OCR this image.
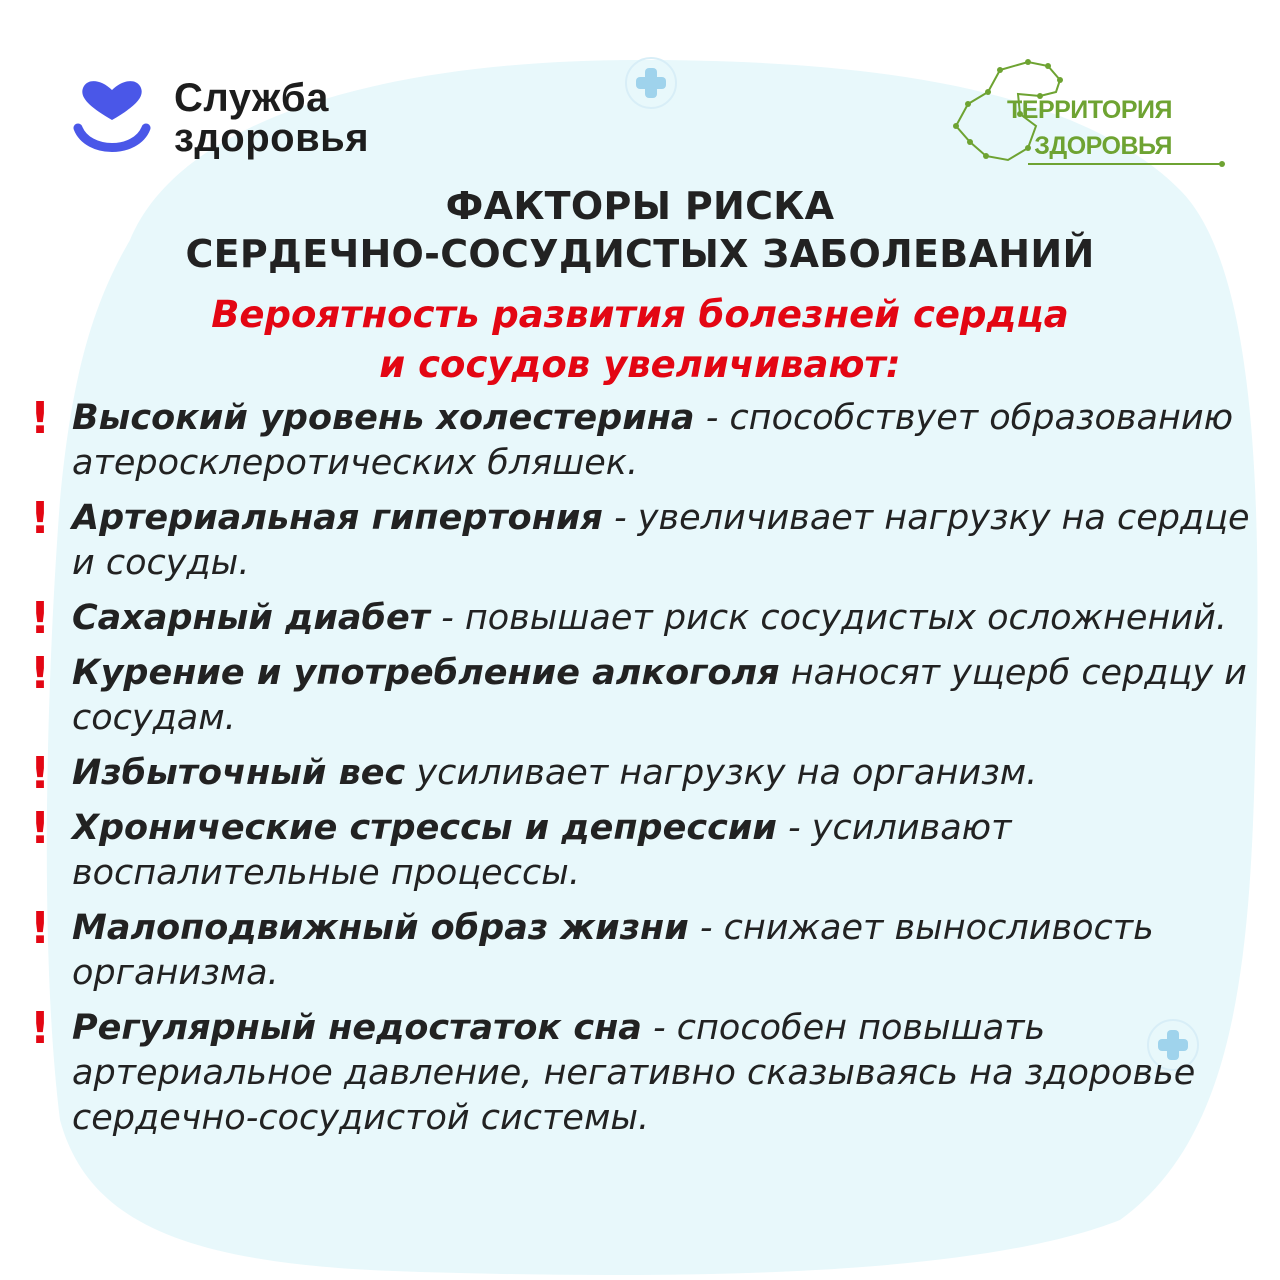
Служба
здоровья
ТЕРРИТОРИЯ
ЗДОРОВЬЯ
ФАКТОРЫ РИСКА
СЕРДЕЧНО-СОСУДИСТЫХ ЗАБОЛЕВАНИЙ
Вероятность развития болезней сердца
и сосудов увеличивают:
! Высокий уровень холестерина - способствует образованию атеросклеротических бляшек.
! Артериальная гипертония - увеличивает нагрузку на сердце и сосуды.
! Сахарный диабет - повышает риск сосудистых осложнений.
! Курение и употребление алкоголя наносят ущерб сердцу и сосудам.
! Избыточный вес усиливает нагрузку на организм.
! Хронические стрессы и депрессии - усиливают воспалительные процессы.
! Малоподвижный образ жизни - снижает выносливость организма.
! Регулярный недостаток сна - способен повышать артериальное давление, негативно сказываясь на здоровье сердечно-сосудистой системы.
